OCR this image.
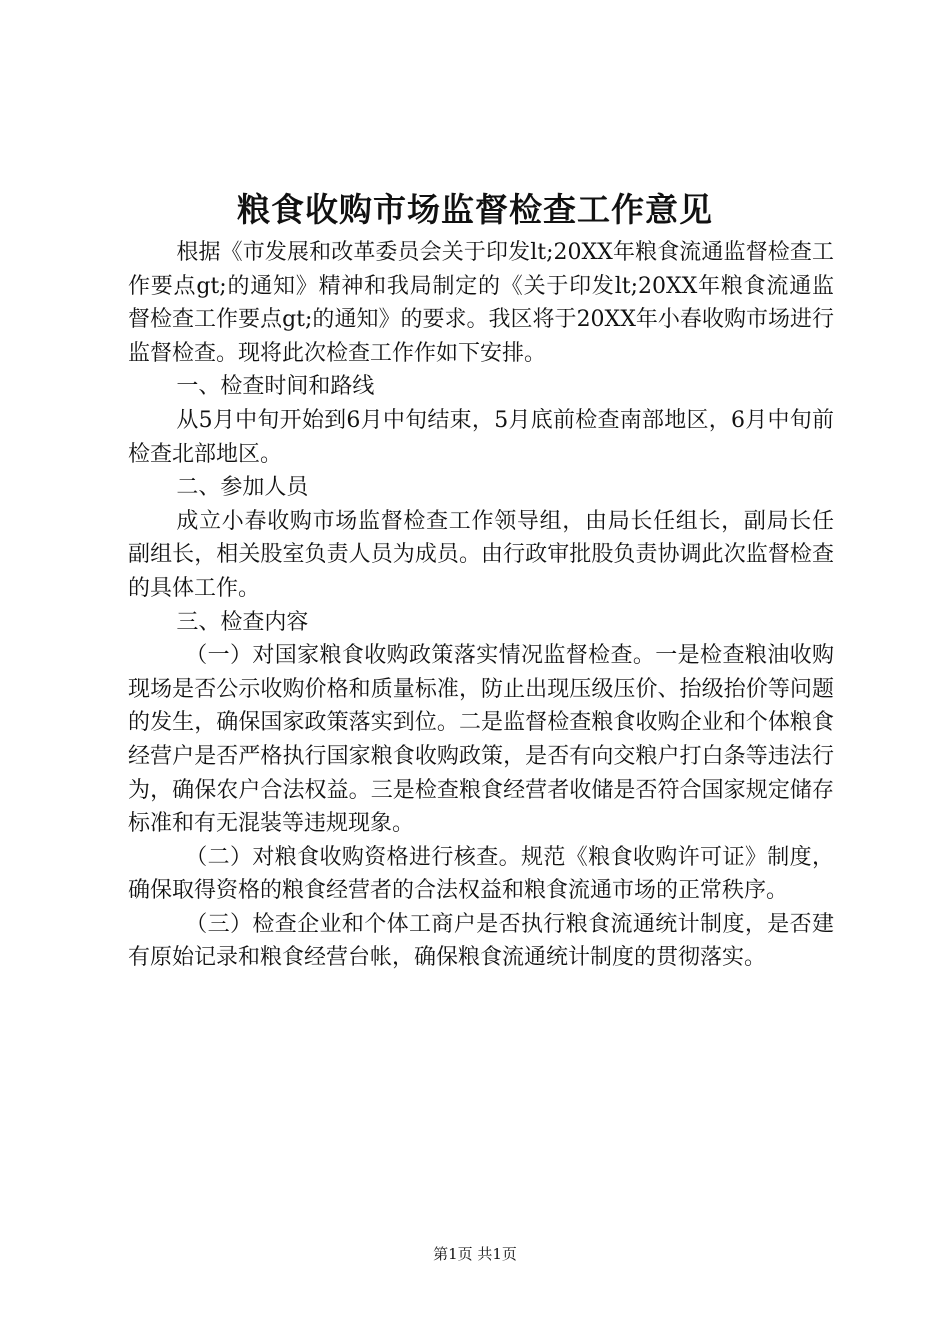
粮食收购市场监督检查工作意见

根据《市发展和改革委员会关于印发lt;20XX年粮食流通监督检查工作要点gt;的通知》精神和我局制定的《关于印发lt;20XX年粮食流通监督检查工作要点gt;的通知》的要求。我区将于20XX年小春收购市场进行监督检查。现将此次检查工作作如下安排。

一、检查时间和路线

从5月中旬开始到6月中旬结束，5月底前检查南部地区，6月中旬前检查北部地区。

二、参加人员

成立小春收购市场监督检查工作领导组，由局长任组长，副局长任副组长，相关股室负责人员为成员。由行政审批股负责协调此次监督检查的具体工作。

三、检查内容

（一）对国家粮食收购政策落实情况监督检查。一是检查粮油收购现场是否公示收购价格和质量标准，防止出现压级压价、抬级抬价等问题的发生，确保国家政策落实到位。二是监督检查粮食收购企业和个体粮食经营户是否严格执行国家粮食收购政策，是否有向交粮户打白条等违法行为，确保农户合法权益。三是检查粮食经营者收储是否符合国家规定储存标准和有无混装等违规现象。

（二）对粮食收购资格进行核查。规范《粮食收购许可证》制度，确保取得资格的粮食经营者的合法权益和粮食流通市场的正常秩序。

（三）检查企业和个体工商户是否执行粮食流通统计制度，是否建有原始记录和粮食经营台帐，确保粮食流通统计制度的贯彻落实。

第1页 共1页
